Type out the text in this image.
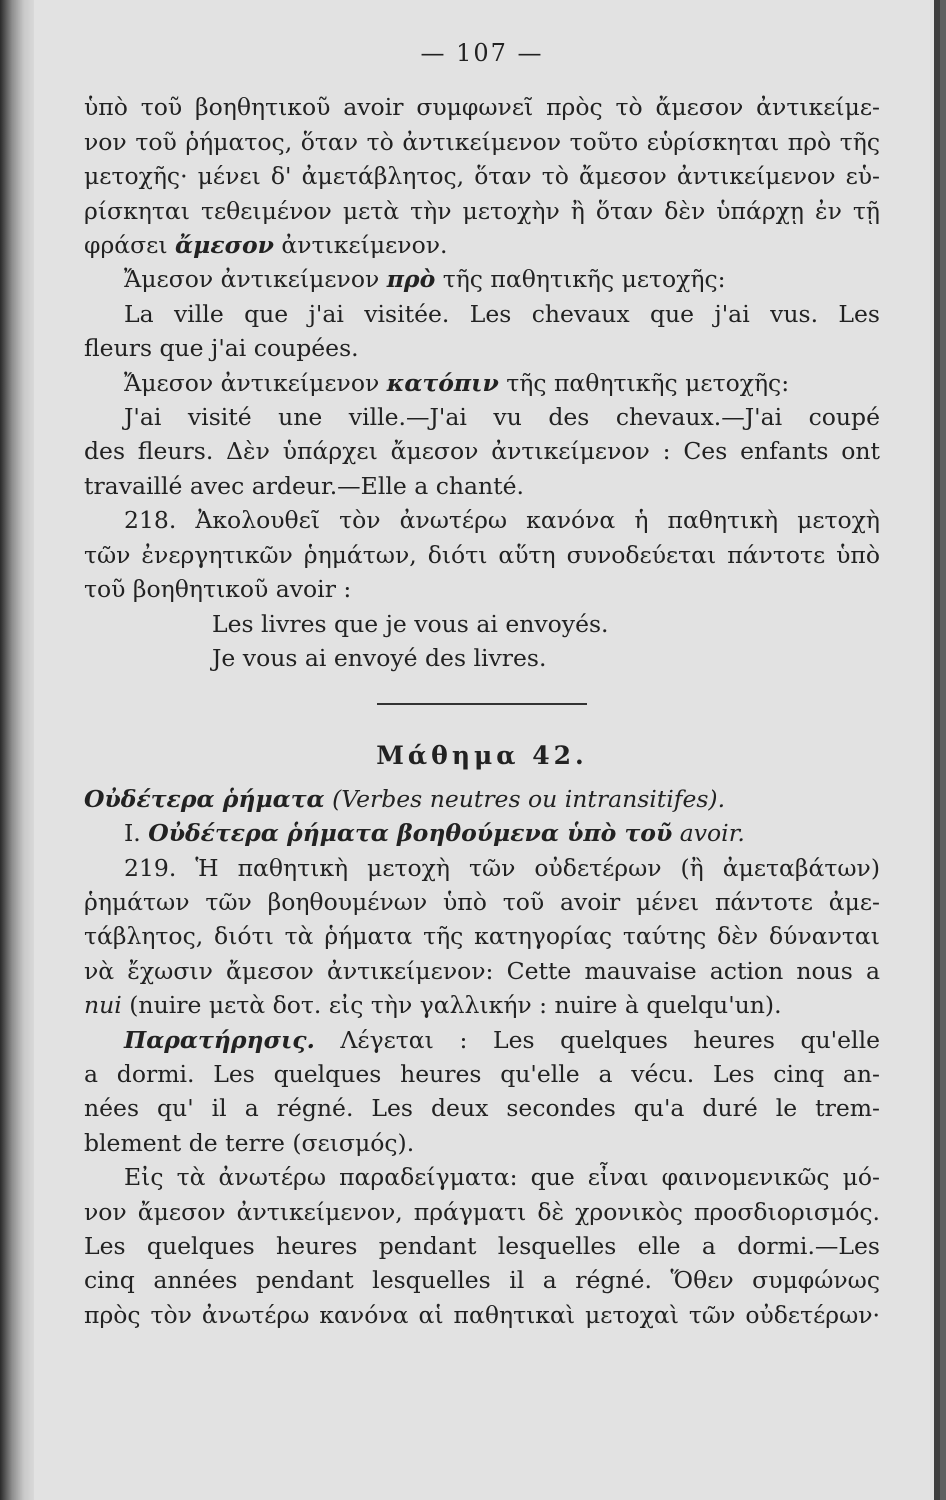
— 107 —
ὑπὸ τοῦ βοηθητικοῦ avoir συμφωνεῖ πρὸς τὸ ἄμεσον ἀντικείμε-
νον τοῦ ῥήματος, ὅταν τὸ ἀντικείμενον τοῦτο εὑρίσκηται πρὸ τῆς
μετοχῆς· μένει δ' ἀμετάβλητος, ὅταν τὸ ἄμεσον ἀντικείμενον εὑ-
ρίσκηται τεθειμένον μετὰ τὴν μετοχὴν ἢ ὅταν δὲν ὑπάρχῃ ἐν τῇ
φράσει ἄμεσον ἀντικείμενον.
Ἄμεσον ἀντικείμενον πρὸ τῆς παθητικῆς μετοχῆς:
La ville que j'ai visitée. Les chevaux que j'ai vus. Les
fleurs que j'ai coupées.
Ἄμεσον ἀντικείμενον κατόπιν τῆς παθητικῆς μετοχῆς:
J'ai visité une ville.—J'ai vu des chevaux.—J'ai coupé
des fleurs. Δὲν ὑπάρχει ἄμεσον ἀντικείμενον : Ces enfants ont
travaillé avec ardeur.—Elle a chanté.
218. Ἀκολουθεῖ τὸν ἀνωτέρω κανόνα ἡ παθητικὴ μετοχὴ
τῶν ἐνεργητικῶν ῥημάτων, διότι αὕτη συνοδεύεται πάντοτε ὑπὸ
τοῦ βοηθητικοῦ avoir :
Les livres que je vous ai envoyés.
Je vous ai envoyé des livres.
Μάθημα 42.
Οὐδέτερα ῥήματα (Verbes neutres ou intransitifes).
I. Οὐδέτερα ῥήματα βοηθούμενα ὑπὸ τοῦ avoir.
219. Ἡ παθητικὴ μετοχὴ τῶν οὐδετέρων (ἢ ἀμεταβάτων)
ῥημάτων τῶν βοηθουμένων ὑπὸ τοῦ avoir μένει πάντοτε ἀμε-
τάβλητος, διότι τὰ ῥήματα τῆς κατηγορίας ταύτης δὲν δύνανται
νὰ ἔχωσιν ἄμεσον ἀντικείμενον: Cette mauvaise action nous a
nui (nuire μετὰ δοτ. εἰς τὴν γαλλικήν : nuire à quelqu'un).
Παρατήρησις. Λέγεται : Les quelques heures qu'elle
a dormi. Les quelques heures qu'elle a vécu. Les cinq an-
nées qu' il a régné. Les deux secondes qu'a duré le trem-
blement de terre (σεισμός).
Εἰς τὰ ἀνωτέρω παραδείγματα: que εἶναι φαινομενικῶς μό-
νον ἄμεσον ἀντικείμενον, πράγματι δὲ χρονικὸς προσδιορισμός.
Les quelques heures pendant lesquelles elle a dormi.—Les
cinq années pendant lesquelles il a régné. Ὅθεν συμφώνως
πρὸς τὸν ἀνωτέρω κανόνα αἱ παθητικαὶ μετοχαὶ τῶν οὐδετέρων·
